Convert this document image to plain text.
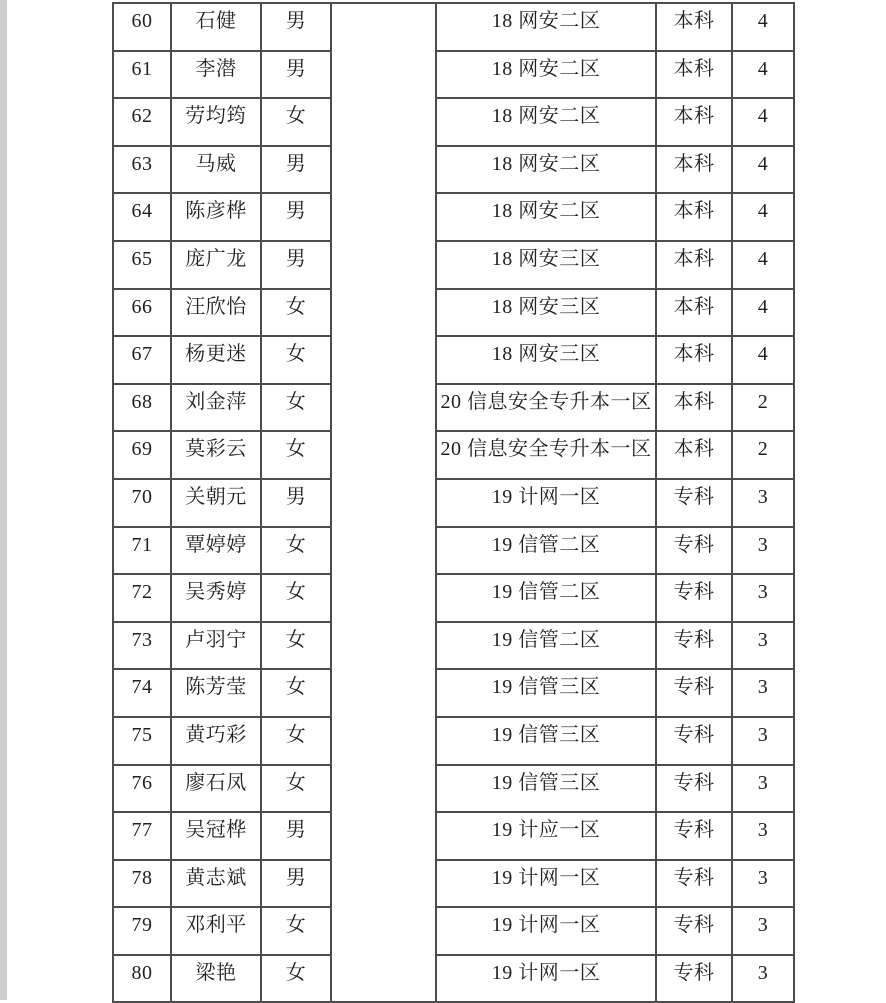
60	石健	男		18 网安二区	本科	4
61	李潜	男		18 网安二区	本科	4
62	劳均筠	女		18 网安二区	本科	4
63	马威	男		18 网安二区	本科	4
64	陈彦桦	男		18 网安二区	本科	4
65	庞广龙	男		18 网安三区	本科	4
66	汪欣怡	女		18 网安三区	本科	4
67	杨更迷	女		18 网安三区	本科	4
68	刘金萍	女		20 信息安全专升本一区	本科	2
69	莫彩云	女		20 信息安全专升本一区	本科	2
70	关朝元	男		19 计网一区	专科	3
71	覃婷婷	女		19 信管二区	专科	3
72	吴秀婷	女		19 信管二区	专科	3
73	卢羽宁	女		19 信管二区	专科	3
74	陈芳莹	女		19 信管三区	专科	3
75	黄巧彩	女		19 信管三区	专科	3
76	廖石凤	女		19 信管三区	专科	3
77	吴冠桦	男		19 计应一区	专科	3
78	黄志斌	男		19 计网一区	专科	3
79	邓利平	女		19 计网一区	专科	3
80	梁艳	女		19 计网一区	专科	3
